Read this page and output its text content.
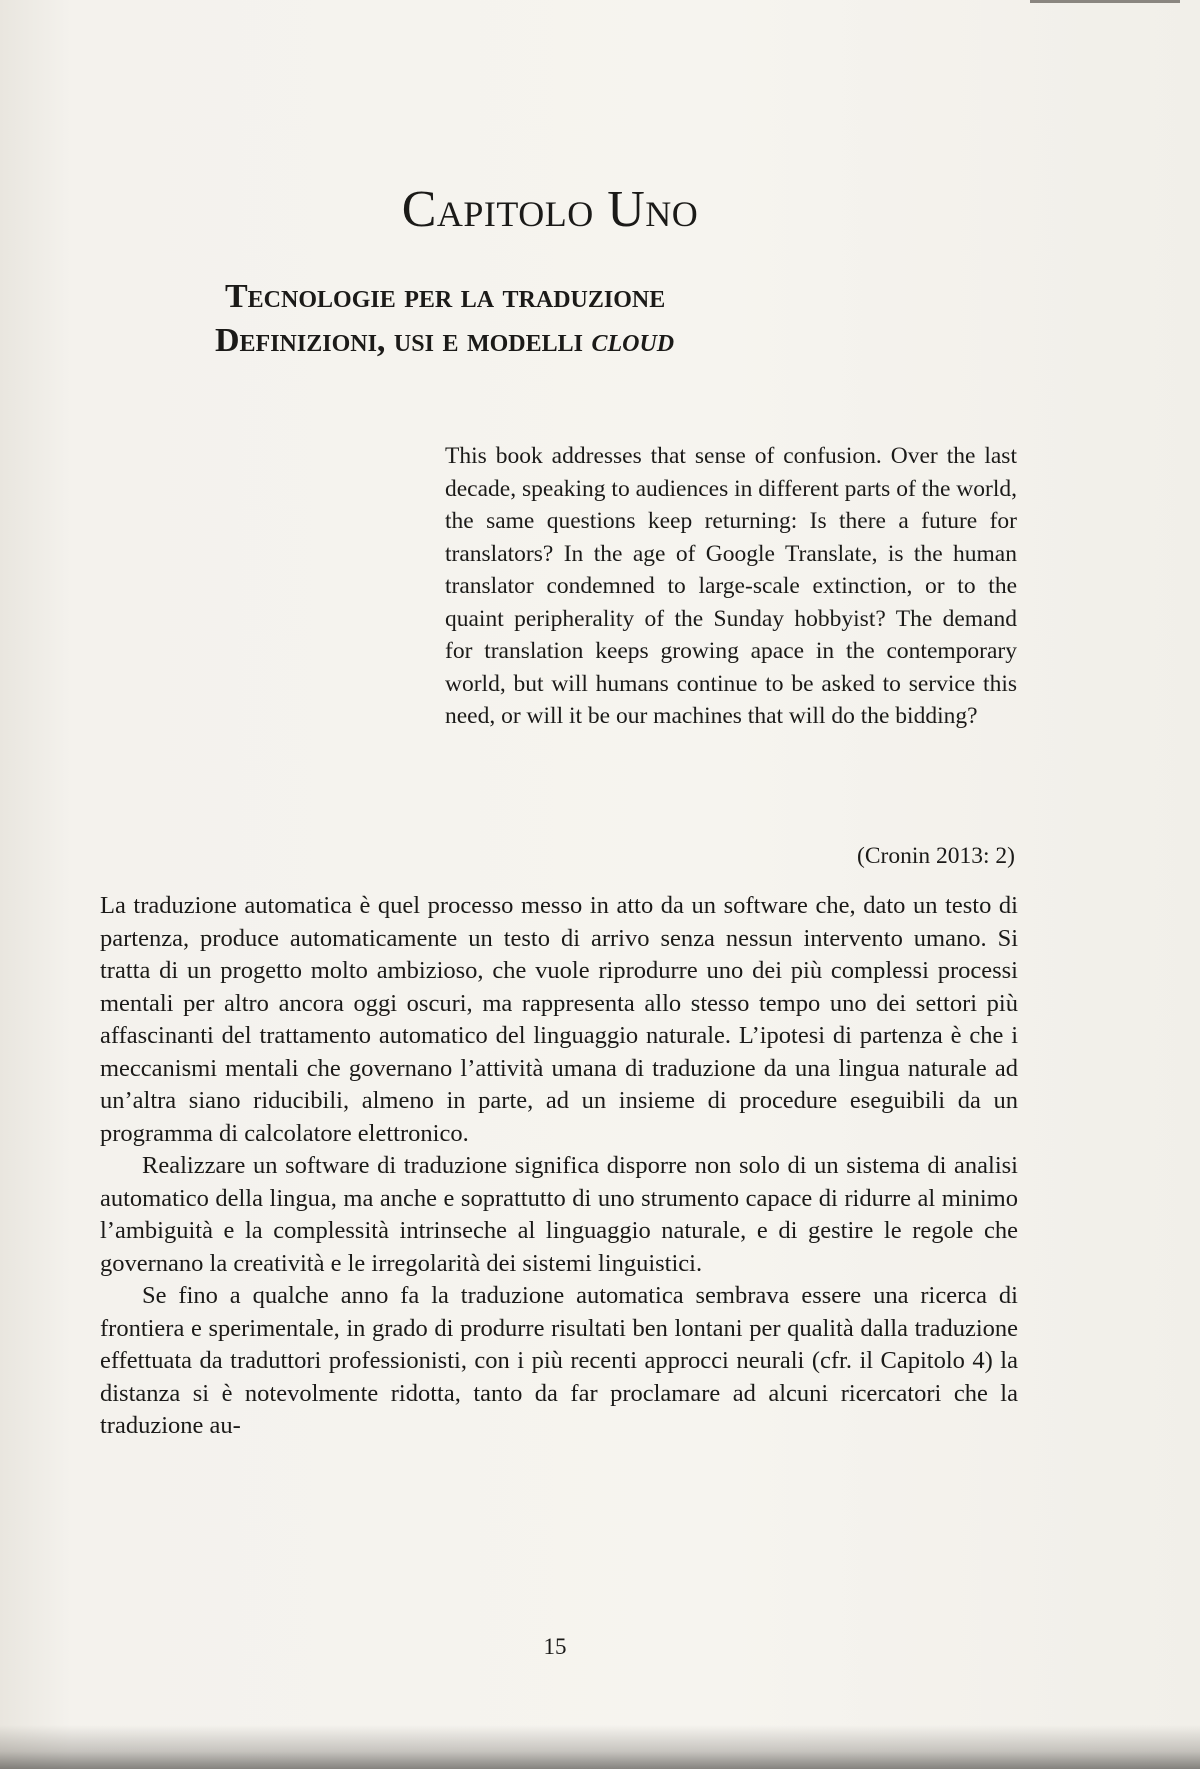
Capitolo Uno
Tecnologie per la traduzione
Definizioni, usi e modelli cloud
This book addresses that sense of confusion. Over the last decade, speaking to audiences in different parts of the world, the same questions keep returning: Is there a future for translators? In the age of Google Translate, is the human translator condemned to large-scale extinction, or to the quaint peripherality of the Sunday hobbyist? The demand for translation keeps growing apace in the contemporary world, but will humans continue to be asked to service this need, or will it be our machines that will do the bidding?
(Cronin 2013: 2)

La traduzione automatica è quel processo messo in atto da un software che, dato un testo di partenza, produce automaticamente un testo di arrivo senza nessun intervento umano. Si tratta di un progetto molto ambizioso, che vuole riprodurre uno dei più complessi processi mentali per altro ancora oggi oscuri, ma rappresenta allo stesso tempo uno dei settori più affascinanti del trattamento automatico del linguaggio naturale. L’ipotesi di partenza è che i meccanismi mentali che governano l’attività umana di traduzione da una lingua naturale ad un’altra siano riducibili, almeno in parte, ad un insieme di procedure eseguibili da un programma di calcolatore elettronico.

Realizzare un software di traduzione significa disporre non solo di un sistema di analisi automatico della lingua, ma anche e soprattutto di uno strumento capace di ridurre al minimo l’ambiguità e la complessità intrinseche al linguaggio naturale, e di gestire le regole che governano la creatività e le irregolarità dei sistemi linguistici.

Se fino a qualche anno fa la traduzione automatica sembrava essere una ricerca di frontiera e sperimentale, in grado di produrre risultati ben lontani per qualità dalla traduzione effettuata da traduttori professionisti, con i più recenti approcci neurali (cfr. il Capitolo 4) la distanza si è notevolmente ridotta, tanto da far proclamare ad alcuni ricercatori che la traduzione au-

15
